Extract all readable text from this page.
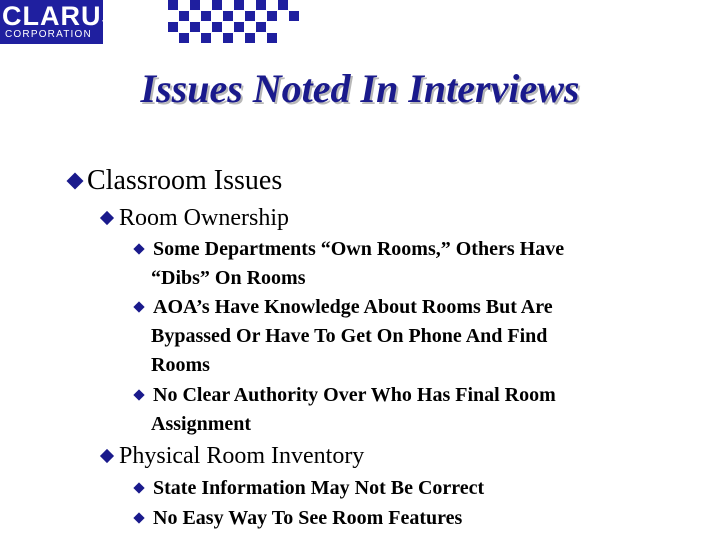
CLARUS
CORPORATION
Issues Noted In Interviews
Classroom Issues
Room Ownership
Some Departments “Own Rooms,” Others Have
“Dibs” On Rooms
AOA’s Have Knowledge About Rooms But Are
Bypassed Or Have To Get On Phone And Find
Rooms
No Clear Authority Over Who Has Final Room
Assignment
Physical Room Inventory
State Information May Not Be Correct
No Easy Way To See Room Features
